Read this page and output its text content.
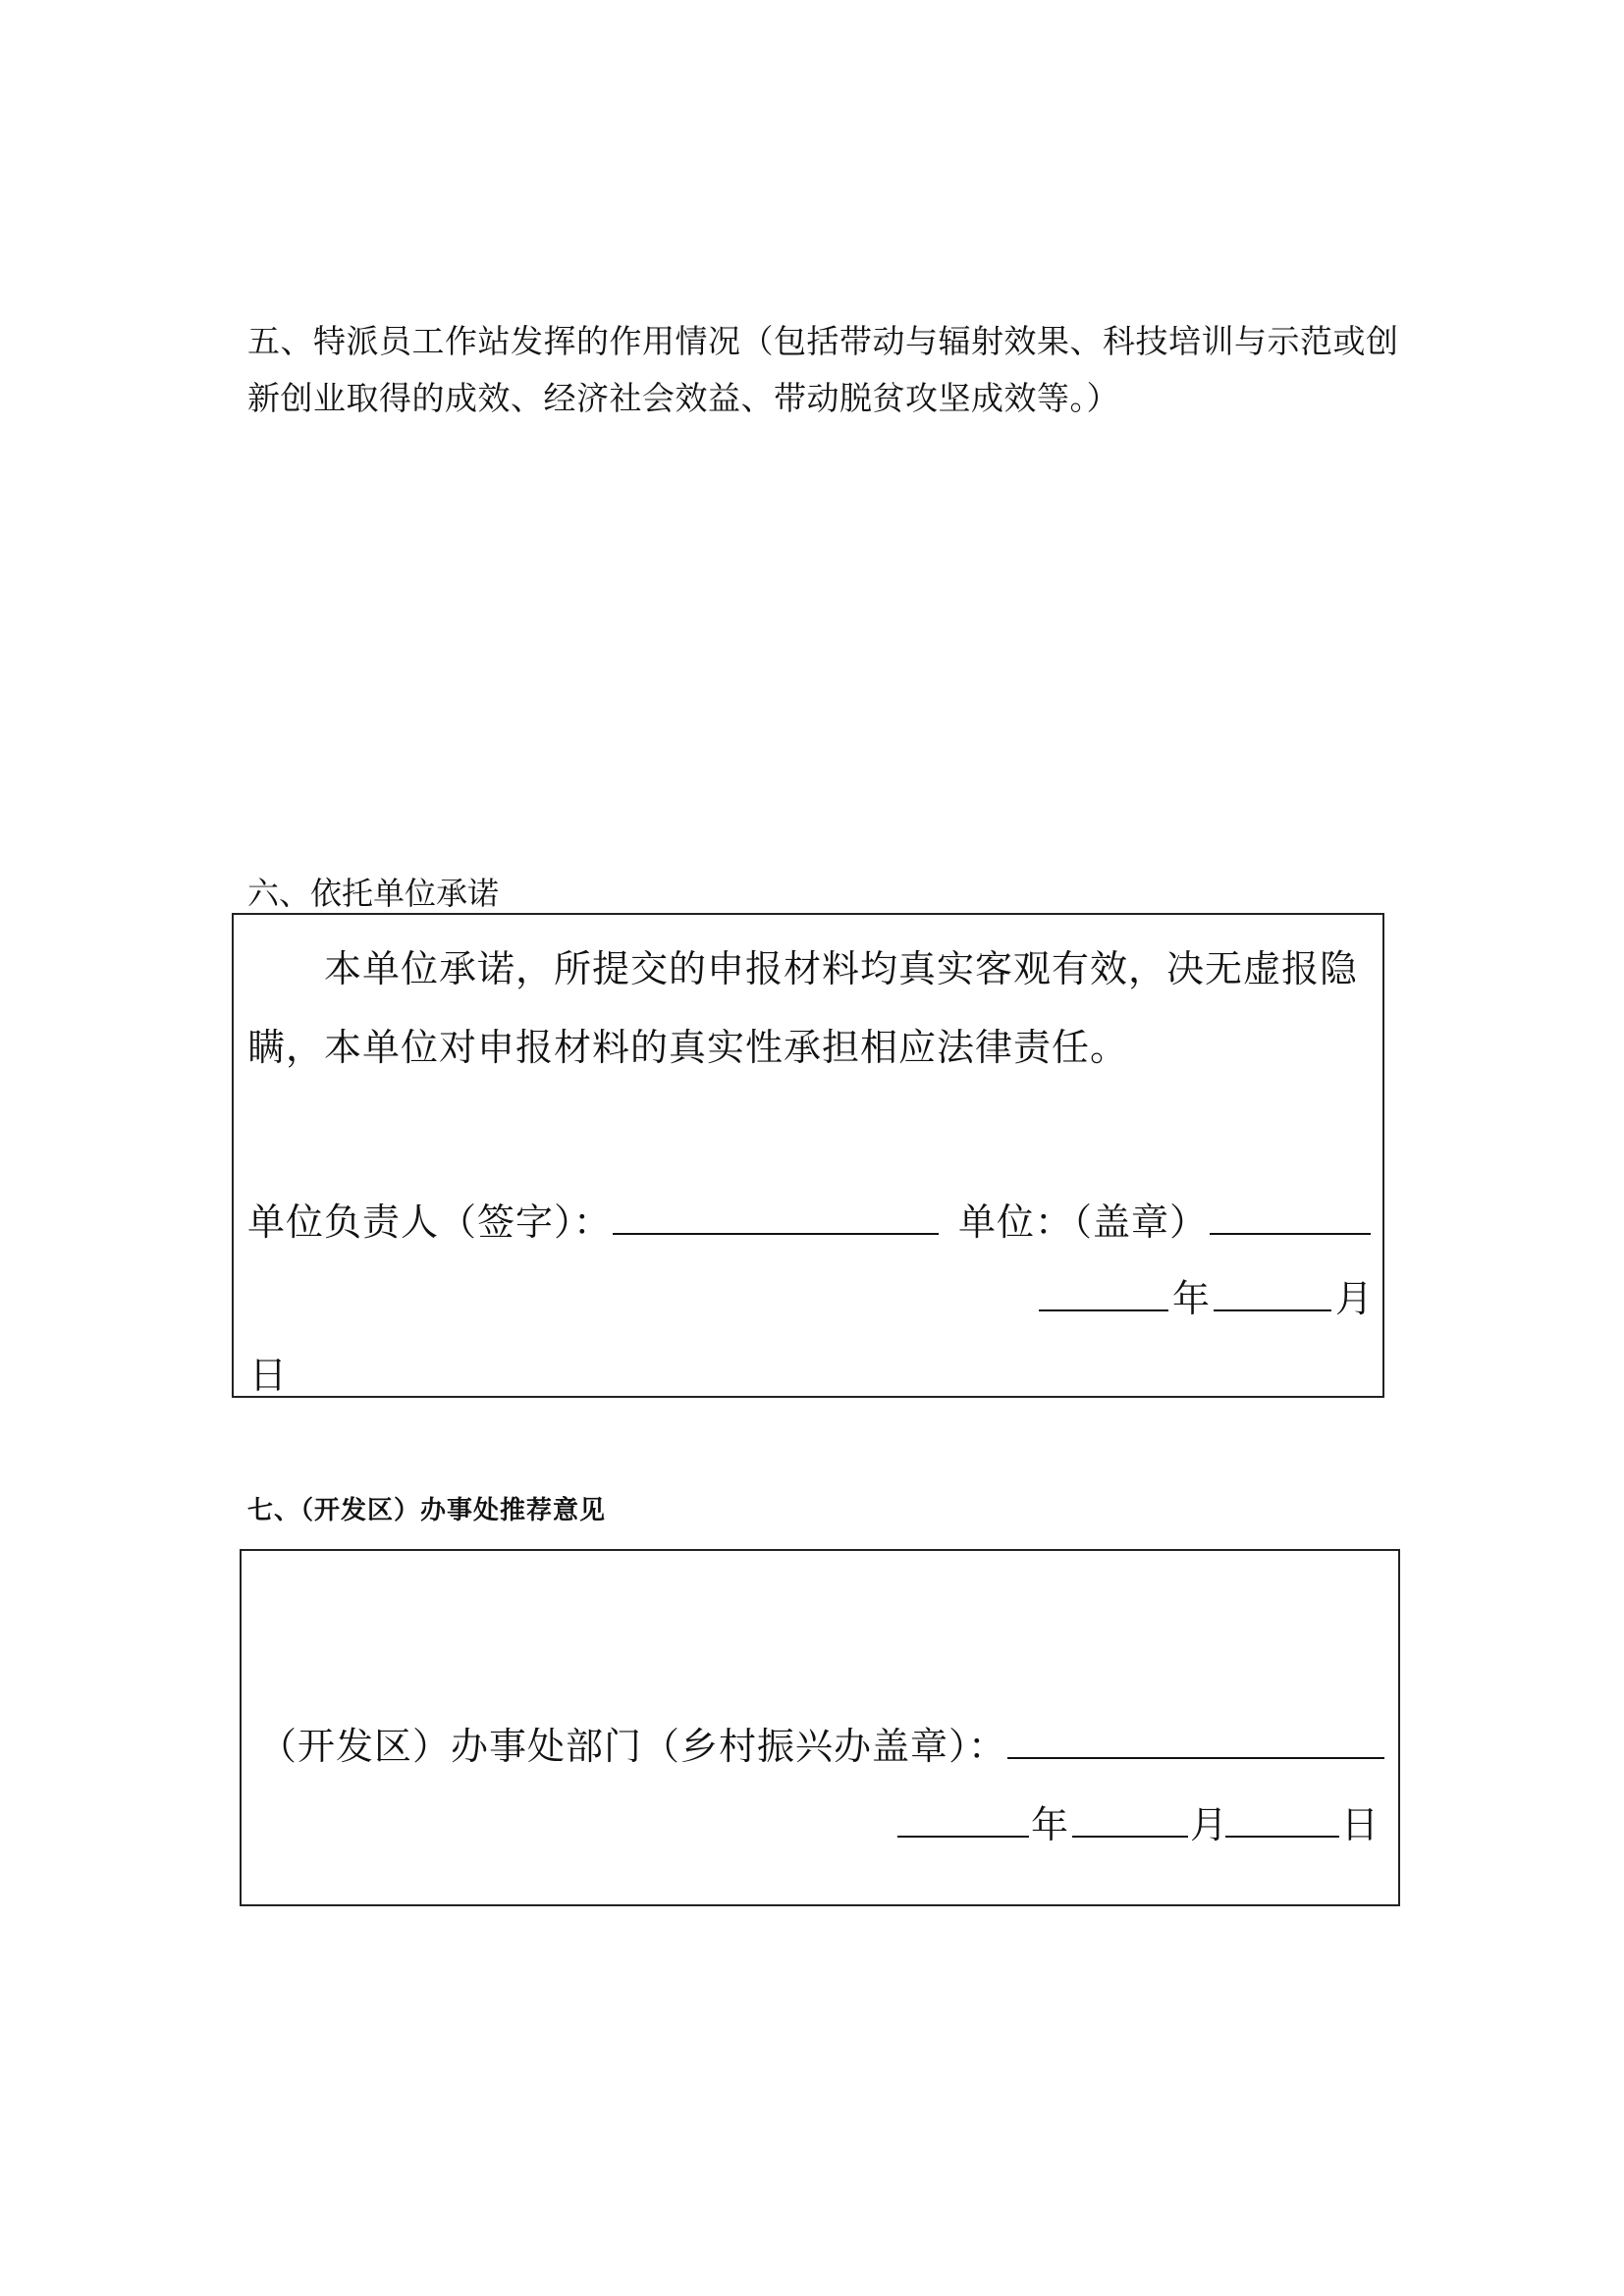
五、特派员工作站发挥的作用情况（包括带动与辐射效果、科技培训与示范或创
新创业取得的成效、经济社会效益、带动脱贫攻坚成效等。）
六、依托单位承诺
本单位承诺，所提交的申报材料均真实客观有效，决无虚报隐
瞒，本单位对申报材料的真实性承担相应法律责任。
单位负责人（签字）：	单位：（盖章）
年	月
日
七、（开发区）办事处推荐意见
（开发区）办事处部门（乡村振兴办盖章）：
年	月	日
